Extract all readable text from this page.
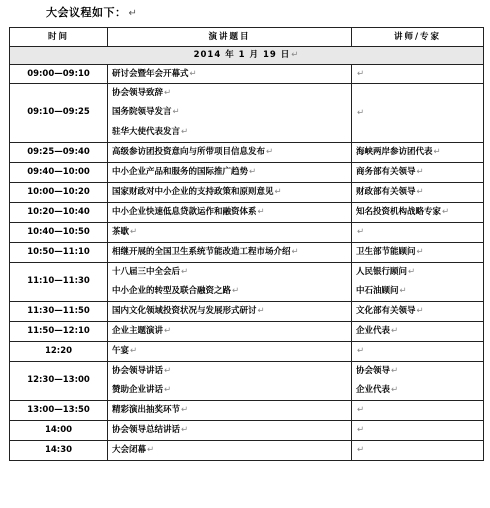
大会议程如下： ↵
时间	演讲题目	讲师/专家
2014 年 1 月 19 日↵		
09:00—09:10	研讨会暨年会开幕式↵	↵

09:10—09:25	协会领导致辞↵
国务院领导发言↵
驻华大使代表发言↵	↵

09:25—09:40	高级参访团投资意向与所带项目信息发布↵	海峡两岸参访团代表↵

09:40—10:00	中小企业产品和服务的国际推广趋势↵	商务部有关领导↵

10:00—10:20	国家财政对中小企业的支持政策和原则意见↵	财政部有关领导↵

10:20—10:40	中小企业快速低息贷款运作和融资体系↵	知名投资机构战略专家↵

10:40—10:50	茶歇↵	↵

10:50—11:10	相继开展的全国卫生系统节能改造工程市场介绍↵	卫生部节能顾问↵

11:10—11:30	十八届三中全会后↵
中小企业的转型及联合融资之路↵	人民银行顾问↵
中石油顾问↵

11:30—11:50	国内文化领域投资状况与发展形式研讨↵	文化部有关领导↵

11:50—12:10	企业主题演讲↵	企业代表↵

12:20	午宴↵	↵

12:30—13:00	协会领导讲话↵
赞助企业讲话↵	协会领导↵
企业代表↵

13:00—13:50	精彩演出抽奖环节↵	↵

14:00	协会领导总结讲话↵	↵

14:30	大会闭幕↵	↵
